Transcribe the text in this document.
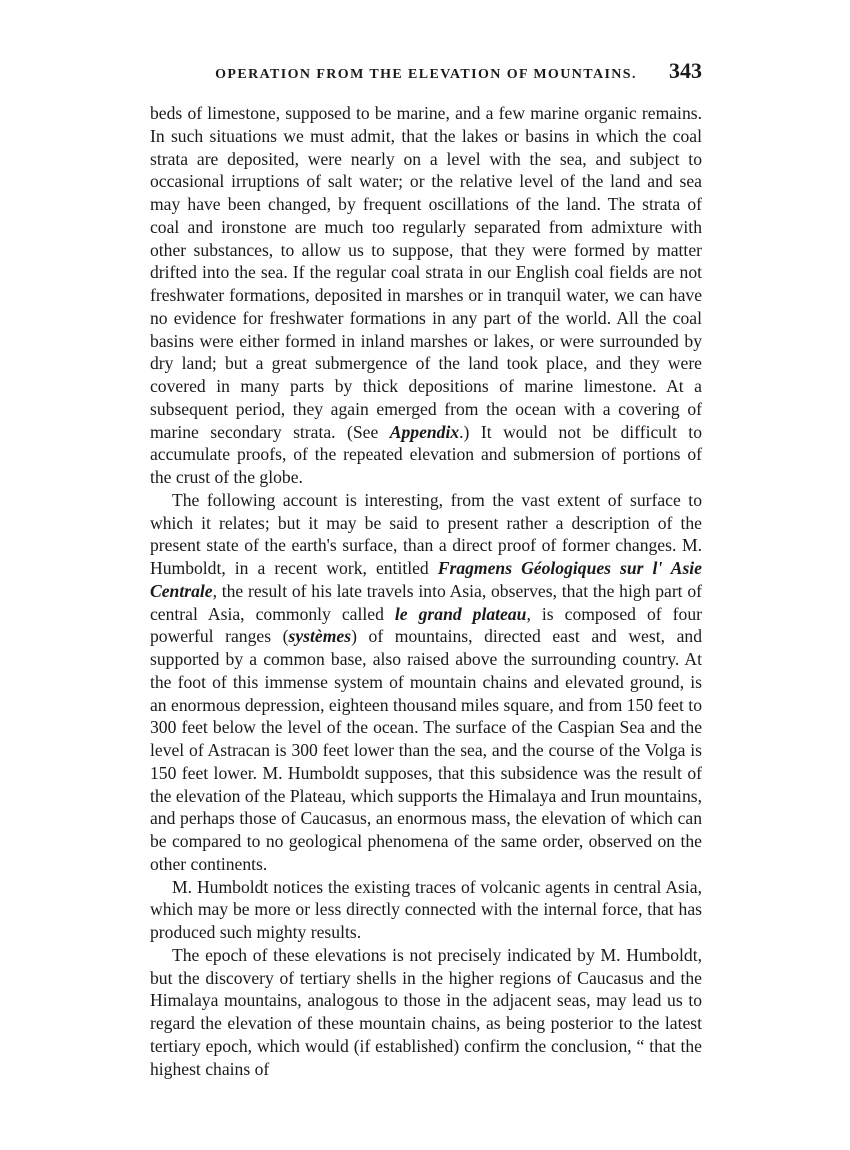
OPERATION FROM THE ELEVATION OF MOUNTAINS.	343

beds of limestone, supposed to be marine, and a few marine organic remains. In such situations we must admit, that the lakes or basins in which the coal strata are deposited, were nearly on a level with the sea, and subject to occasional irruptions of salt water; or the relative level of the land and sea may have been changed, by frequent oscillations of the land. The strata of coal and ironstone are much too regularly separated from admixture with other substances, to allow us to suppose, that they were formed by matter drifted into the sea. If the regular coal strata in our English coal fields are not freshwater formations, deposited in marshes or in tranquil water, we can have no evidence for freshwater formations in any part of the world. All the coal basins were either formed in inland marshes or lakes, or were surrounded by dry land; but a great submergence of the land took place, and they were covered in many parts by thick depositions of marine limestone. At a subsequent period, they again emerged from the ocean with a covering of marine secondary strata. (See Appendix.) It would not be difficult to accumulate proofs, of the repeated elevation and submersion of portions of the crust of the globe.

The following account is interesting, from the vast extent of surface to which it relates; but it may be said to present rather a description of the present state of the earth's surface, than a direct proof of former changes. M. Humboldt, in a recent work, entitled Fragmens Géologiques sur l' Asie Centrale, the result of his late travels into Asia, observes, that the high part of central Asia, commonly called le grand plateau, is composed of four powerful ranges (systèmes) of mountains, directed east and west, and supported by a common base, also raised above the surrounding country. At the foot of this immense system of mountain chains and elevated ground, is an enormous depression, eighteen thousand miles square, and from 150 feet to 300 feet below the level of the ocean. The surface of the Caspian Sea and the level of Astracan is 300 feet lower than the sea, and the course of the Volga is 150 feet lower. M. Humboldt supposes, that this subsidence was the result of the elevation of the Plateau, which supports the Himalaya and Irun mountains, and perhaps those of Caucasus, an enormous mass, the elevation of which can be compared to no geological phenomena of the same order, observed on the other continents.

M. Humboldt notices the existing traces of volcanic agents in central Asia, which may be more or less directly connected with the internal force, that has produced such mighty results.

The epoch of these elevations is not precisely indicated by M. Humboldt, but the discovery of tertiary shells in the higher regions of Caucasus and the Himalaya mountains, analogous to those in the adjacent seas, may lead us to regard the elevation of these mountain chains, as being posterior to the latest tertiary epoch, which would (if established) confirm the conclusion, “ that the highest chains of
